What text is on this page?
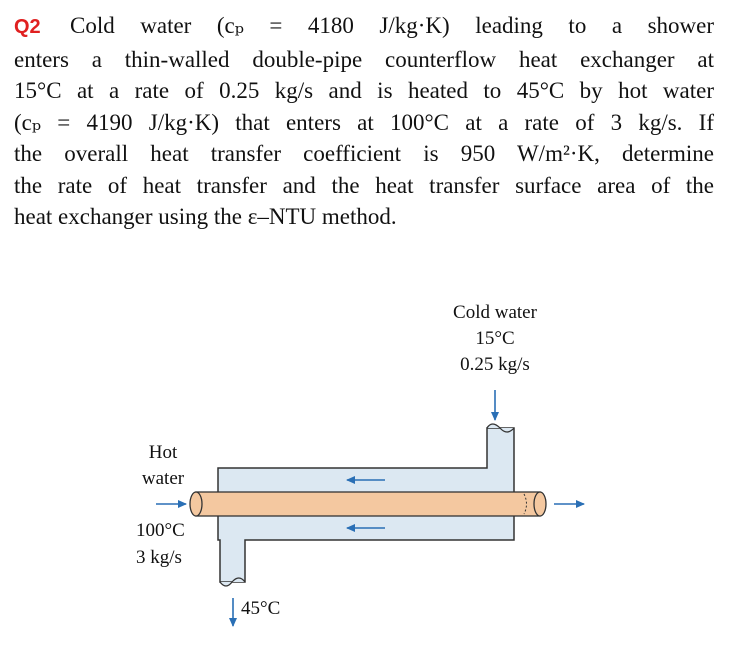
Q2 Cold water (cₚ = 4180 J/kg·K) leading to a shower
enters a thin-walled double-pipe counterflow heat exchanger at
15°C at a rate of 0.25 kg/s and is heated to 45°C by hot water
(cₚ = 4190 J/kg·K) that enters at 100°C at a rate of 3 kg/s. If
the overall heat transfer coefficient is 950 W/m²·K, determine
the rate of heat transfer and the heat transfer surface area of the
heat exchanger using the ε–NTU method.
Cold water
15°C
0.25 kg/s
Hot
water
100°C
3 kg/s
45°C
